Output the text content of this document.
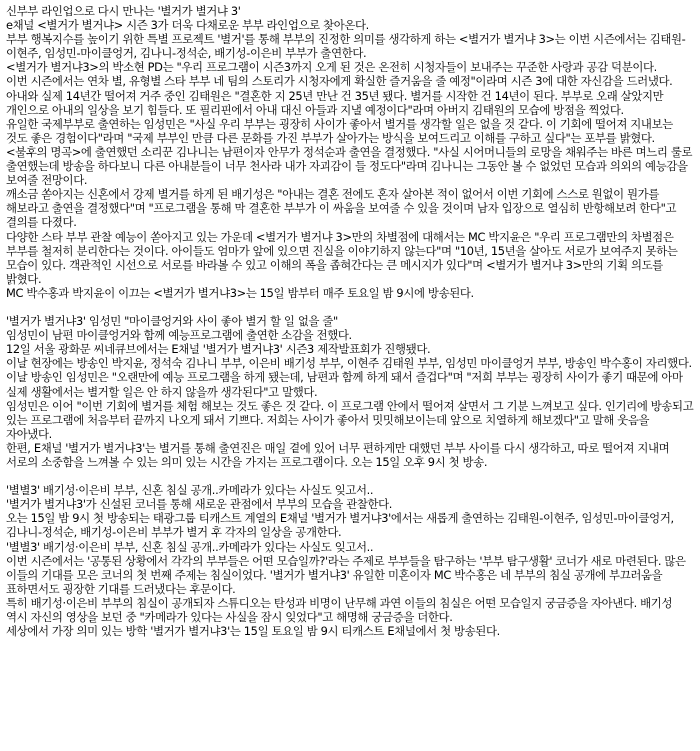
신부부 라인업으로 다시 만나는 '별거가 별거냐 3'

e채널 <별거가 별거냐> 시즌 3가 더욱 다채로운 부부 라인업으로 찾아온다.

부부 행복지수를 높이기 위한 특별 프로젝트 '별거'를 통해 부부의 진정한 의미를 생각하게 하는 <별거가 별거냐 3>는 이번 시즌에서는 김태원-이현주, 임성민-마이클엉거, 김나니-정석순, 배기성-이은비 부부가 출연한다.

<별거가 별거냐3>의 박소현 PD는 "우리 프로그램이 시즌3까지 오게 된 것은 온전히 시청자들이 보내주는 꾸준한 사랑과 공감 덕분이다.

이번 시즌에서는 연차 별, 유형별 스타 부부 네 팀의 스토리가 시청자에게 확실한 즐거움을 줄 예정"이라며 시즌 3에 대한 자신감을 드러냈다.

아내와 실제 14년간 떨어져 거주 중인 김태원은 "결혼한 지 25년 만난 건 35년 됐다. 별거를 시작한 건 14년이 된다. 부부로 오래 살았지만 개인으로 아내의 일상을 보기 힘들다. 또 필리핀에서 아내 대신 아들과 지낼 예정이다"라며 아버지 김태원의 모습에 방점을 찍었다.

유일한 국제부부로 출연하는 임성민은 "사실 우리 부부는 굉장히 사이가 좋아서 별거를 생각할 일은 없을 것 같다. 이 기회에 떨어져 지내보는 것도 좋은 경험이다"라며 "국제 부부인 만큼 다른 문화를 가진 부부가 살아가는 방식을 보여드리고 이해를 구하고 싶다"는 포부를 밝혔다.

<불후의 명곡>에 출연했던 소리꾼 김나니는 남편이자 안무가 정석순과 출연을 결정했다. "사실 시어머니들의 로망을 채워주는 바른 며느리 룰로 출연했는데 방송을 하다보니 다른 아내분들이 너무 천사라 내가 자괴감이 들 정도다"라며 김나니는 그동안 볼 수 없었던 모습과 의외의 예능감을 보여줄 전망이다.

깨소금 쏟아지는 신혼에서 강제 별거를 하게 된 배기성은 "아내는 결혼 전에도 혼자 살아본 적이 없어서 이번 기회에 스스로 원없이 뭔가를 해보라고 출연을 결정했다"며 "프로그램을 통해 막 결혼한 부부가 이 싸움을 보여줄 수 있을 것이며 남자 입장으로 열심히 반항해보려 한다"고 결의를 다졌다.

다양한 스타 부부 관찰 예능이 쏟아지고 있는 가운데 <별거가 별거냐 3>만의 차별점에 대해서는 MC 박지윤은 "우리 프로그램만의 차별점은 부부를 철저히 분리한다는 것이다. 아이들도 엄마가 앞에 있으면 진실을 이야기하지 않는다"며 "10년, 15년을 살아도 서로가 보여주지 못하는 모습이 있다. 객관적인 시선으로 서로를 바라볼 수 있고 이해의 폭을 좁혀간다는 큰 메시지가 있다"며 <별거가 별거냐 3>만의 기획 의도를 밝혔다.

MC 박수홍과 박지윤이 이끄는 <별거가 별거냐3>는 15일 밤부터 매주 토요일 밤 9시에 방송된다.

'별거가 별거냐3' 임성민 "마이클엉거와 사이 좋아 별거 할 일 없을 줄"

임성민이 남편 마이클엉거와 함께 예능프로그램에 출연한 소감을 전했다.

12일 서울 광화문 씨네큐브에서는 E채널 '별거가 별거냐3' 시즌3 제작발표회가 진행됐다.

이날 현장에는 방송인 박지윤, 정석숙 김나니 부부, 이은비 배기성 부부, 이현주 김태원 부부, 임성민 마이클엉거 부부, 방송인 박수홍이 자리했다.

이날 방송인 임성민은 "오랜만에 예능 프로그램을 하게 됐는데, 남편과 함께 하게 돼서 즐겁다"며 "저희 부부는 굉장히 사이가 좋기 때문에 아마 실제 생활에서는 별거할 일은 안 하지 않을까 생각된다"고 말했다.

임성민은 이어 "이번 기회에 별거를 체험 해보는 것도 좋은 것 같다. 이 프로그램 안에서 떨어져 살면서 그 기분 느껴보고 싶다. 인기리에 방송되고 있는 프로그램에 처음부터 끝까지 나오게 돼서 기쁘다. 저희는 사이가 좋아서 밋밋해보이는데 앞으로 치열하게 해보겠다"고 말해 웃음을 자아냈다.

한편, E채널 '별거가 별거냐3'는 별거를 통해 출연진은 매일 곁에 있어 너무 편하게만 대했던 부부 사이를 다시 생각하고, 따로 떨어져 지내며 서로의 소중함을 느껴볼 수 있는 의미 있는 시간을 가지는 프로그램이다. 오는 15일 오후 9시 첫 방송.

'별별3' 배기성·이은비 부부, 신혼 침실 공개..카메라가 있다는 사실도 잊고서..

'별거가 별거냐3'가 신설된 코너를 통해 새로운 관점에서 부부의 모습을 관찰한다.

오는 15일 밤 9시 첫 방송되는 태광그룹 티캐스트 계열의 E채널 '별거가 별거냐3'에서는 새롭게 출연하는 김태원-이현주, 임성민-마이클엉거, 김나니-정석순, 배기성-이은비 부부가 별거 후 각자의 일상을 공개한다.

'별별3' 배기성·이은비 부부, 신혼 침실 공개..카메라가 있다는 사실도 잊고서..

이번 시즌에서는 '공통된 상황에서 각각의 부부들은 어떤 모습일까?'라는 주제로 부부들을 탐구하는 '부부 탐구생활' 코너가 새로 마련된다. 많은 이들의 기대를 모은 코너의 첫 번째 주제는 침실이었다. '별거가 별거냐3' 유일한 미혼이자 MC 박수홍은 네 부부의 침실 공개에 부끄러움을 표하면서도 굉장한 기대를 드러냈다는 후문이다.

특히 배기성·이은비 부부의 침실이 공개되자 스튜디오는 탄성과 비명이 난무해 과연 이들의 침실은 어떤 모습일지 궁금증을 자아낸다. 배기성 역시 자신의 영상을 보던 중 "카메라가 있다는 사실을 잠시 잊었다"고 해명해 궁금증을 더한다.

세상에서 가장 의미 있는 방학 '별거가 별거냐3'는 15일 토요일 밤 9시 티캐스트 E채널에서 첫 방송된다.
